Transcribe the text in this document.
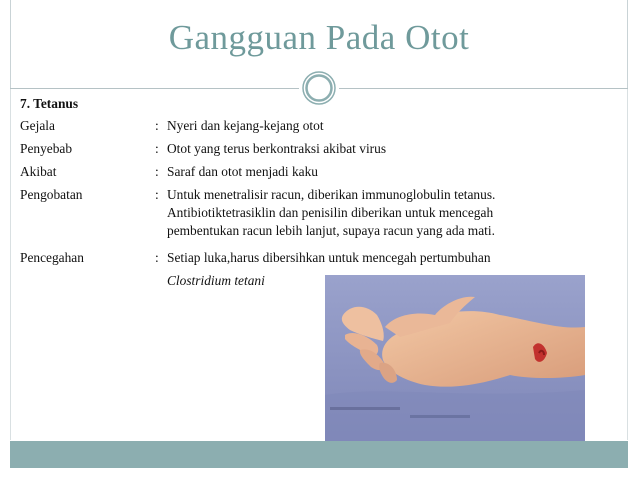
Gangguan Pada Otot
7. Tetanus
Gejala	: Nyeri dan kejang-kejang otot
Penyebab	: Otot yang terus berkontraksi akibat virus
Akibat	: Saraf dan otot menjadi kaku
Pengobatan	: Untuk menetralisir racun, diberikan immunoglobulin tetanus.
Antibiotiktetrasiklin dan penisilin diberikan untuk mencegah
pembentukan racun lebih lanjut, supaya racun yang ada mati.
Pencegahan	: Setiap luka,harus dibersihkan untuk mencegah pertumbuhan
Clostridium tetani
